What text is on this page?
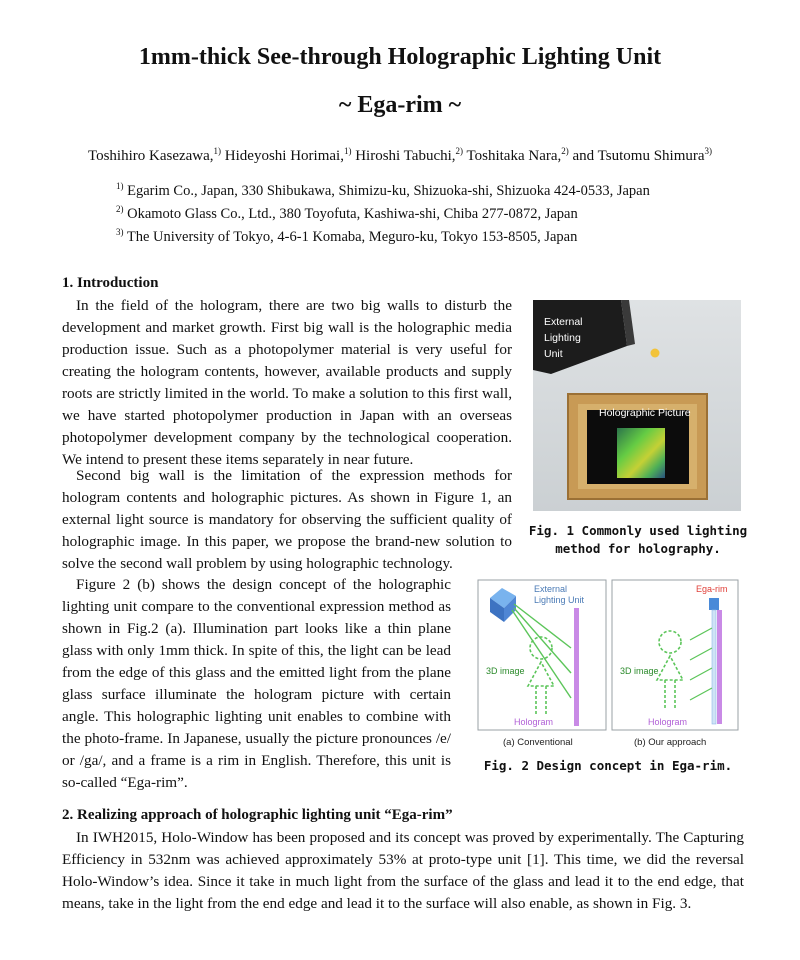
1mm-thick See-through Holographic Lighting Unit
~ Ega-rim ~
Toshihiro Kasezawa,$^{1)}$ Hideyoshi Horimai,$^{1)}$ Hiroshi Tabuchi,$^{2)}$ Toshitaka Nara,$^{2)}$ and Tsutomu Shimura$^{3)}$
$^{1)}$ Egarim Co., Japan, 330 Shibukawa, Shimizu-ku, Shizuoka-shi, Shizuoka 424-0533, Japan
$^{2)}$ Okamoto Glass Co., Ltd., 380 Toyofuta, Kashiwa-shi, Chiba 277-0872, Japan
$^{3)}$ The University of Tokyo, 4-6-1 Komaba, Meguro-ku, Tokyo 153-8505, Japan
1. Introduction
In the field of the hologram, there are two big walls to disturb the development and market growth. First big wall is the holographic media production issue. Such as a photopolymer material is very useful for creating the hologram contents, however, available products and supply roots are strictly limited in the world. To make a solution to this first wall, we have started photopolymer production in Japan with an overseas photopolymer development company by the technological cooperation. We intend to present these items separately in near future.
Second big wall is the limitation of the expression methods for hologram contents and holographic pictures. As shown in Figure 1, an external light source is mandatory for observing the sufficient quality of holographic image. In this paper, we propose the brand-new solution to solve the second wall problem by using holographic technology.
Figure 2 (b) shows the design concept of the holographic lighting unit compare to the conventional expression method as shown in Fig.2 (a). Illumination part looks like a thin plane glass with only 1mm thick. In spite of this, the light can be lead from the edge of this glass and the emitted light from the plane glass surface illuminate the hologram picture with certain angle. This holographic lighting unit enables to combine with the photo-frame. In Japanese, usually the picture pronounces /e/ or /ga/, and a frame is a rim in English. Therefore, this unit is so-called “Ega-rim”.
External
Lighting
Unit
Holographic Picture
Fig. 1 Commonly used lighting
method for holography.
External
Lighting Unit
3D image
Hologram
(a) Conventional
Ega-rim
3D image
Hologram
(b) Our approach
Fig. 2 Design concept in Ega-rim.
2. Realizing approach of holographic lighting unit “Ega-rim”
In IWH2015, Holo-Window has been proposed and its concept was proved by experimentally. The Capturing Efficiency in 532nm was achieved approximately 53% at proto-type unit [1]. This time, we did the reversal Holo-Window’s idea. Since it take in much light from the surface of the glass and lead it to the end edge, that means, take in the light from the end edge and lead it to the surface will also enable, as shown in Fig. 3.
